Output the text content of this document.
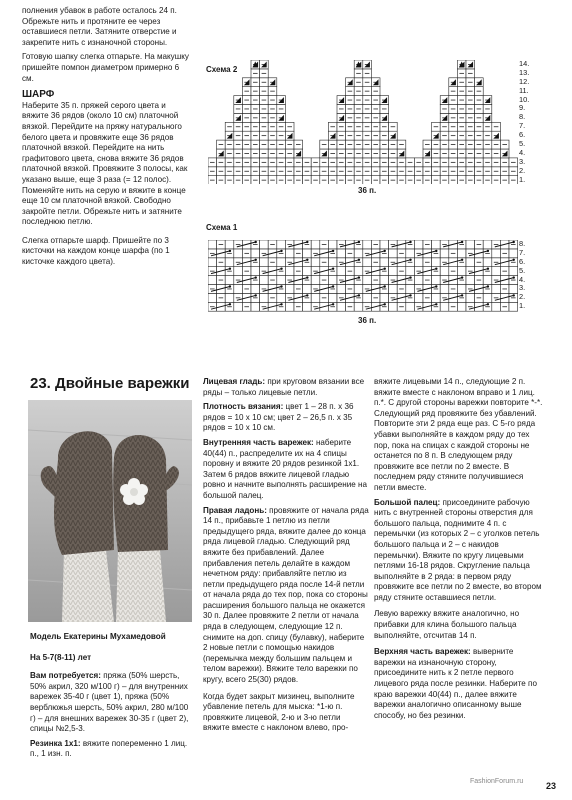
полнения убавок в работе осталось 24 п. Обрежьте нить и протяните ее через оставшиеся петли. Затяните отверстие и закрепите нить с изнаночной стороны.

Готовую шапку слегка отпарьте. На макушку пришейте помпон диаметром примерно 6 см.

ШАРФ

Наберите 35 п. пряжей серого цвета и вяжите 36 рядов (около 10 см) платочной вязкой. Перейдите на пряжу натурального белого цвета и провяжите еще 36 рядов платочной вязкой. Перейдите на нить графитового цвета, снова вяжите 36 рядов платочной вязкой. Провяжите 3 полосы, как указано выше, еще 3 раза (= 12 полос). Поменяйте нить на серую и вяжите в конце еще 10 см платочной вязкой. Свободно закройте петли. Обрежьте нить и затяните последнюю петлю.

Слегка отпарьте шарф. Пришейте по 3 кисточки на каждом конце шарфа (по 1 кисточке каждого цвета).

Схема 2
14.
13.
12.
11.
10.
9.
8.
7.
6.
5.
4.
3.
2.
1.
36 п.
Схема 1
8.
7.
6.
5.
4.
3.
2.
1.
36 п.
23. Двойные варежки

Модель Екатерины Мухамедовой

На 5-7(8-11) лет

Вам потребуется: пряжа (50% шерсть, 50% акрил, 320 м/100 г) – для внутренних варежек 35-40 г (цвет 1), пряжа (50% верблюжья шерсть, 50% акрил, 280 м/100 г) – для внешних варежек 30-35 г (цвет 2), спицы №2,5-3.

Резинка 1х1: вяжите попеременно 1 лиц. п., 1 изн. п.

Лицевая гладь: при круговом вязании все ряды – только лицевые петли.

Плотность вязания: цвет 1 – 28 п. х 36 рядов = 10 х 10 см; цвет 2 – 26,5 п. х 35 рядов = 10 х 10 см.

Внутренняя часть варежек: наберите 40(44) п., распределите их на 4 спицы поровну и вяжите 20 рядов резинкой 1х1. Затем 6 рядов вяжите лицевой гладью ровно и начните выполнять расширение на большой палец.

Правая ладонь: провяжите от начала ряда 14 п., прибавьте 1 петлю из петли предыдущего ряда, вяжите далее до конца ряда лицевой гладью. Следующий ряд вяжите без прибавлений. Далее прибавления петель делайте в каждом нечетном ряду: прибавляйте петлю из петли предыдущего ряда после 14-й петли от начала ряда до тех пор, пока со стороны расширения большого пальца не окажется 30 п. Далее провяжите 2 петли от начала ряда в следующем, следующие 12 п. снимите на доп. спицу (булавку), наберите 2 новые петли с помощью накидов (перемычка между большим пальцем и телом варежки). Вяжите тело варежки по кругу, всего 25(30) рядов.

Когда будет закрыт мизинец, выполните убавление петель для мыска: *1-ю п. провяжите лицевой, 2-ю и 3-ю петли вяжите вместе с наклоном влево, про-

вяжите лицевыми 14 п., следующие 2 п. вяжите вместе с наклоном вправо и 1 лиц. п.*. С другой стороны варежки повторите *-*. Следующий ряд провяжите без убавлений. Повторите эти 2 ряда еще раз. С 5-го ряда убавки выполняйте в каждом ряду до тех пор, пока на спицах с каждой стороны не останется по 8 п. В следующем ряду провяжите все петли по 2 вместе. В последнем ряду стяните получившиеся петли вместе.

Большой палец: присоедините рабочую нить с внутренней стороны отверстия для большого пальца, поднимите 4 п. с перемычки (из которых 2 – с уголков петель большого пальца и 2 – с накидов перемычки). Вяжите по кругу лицевыми петлями 16-18 рядов. Скругление пальца выполняйте в 2 ряда: в первом ряду провяжите все петли по 2 вместе, во втором ряду стяните оставшиеся петли.

Левую варежку вяжите аналогично, но прибавки для клина большого пальца выполняйте, отсчитав 14 п.

Верхняя часть варежек: выверните варежки на изнаночную сторону, присоедините нить к 2 петле первого лицевого ряда после резинки. Наберите по краю варежки 40(44) п., далее вяжите варежки аналогично описанному выше способу, но без резинки.

FashionForum.ru	23
